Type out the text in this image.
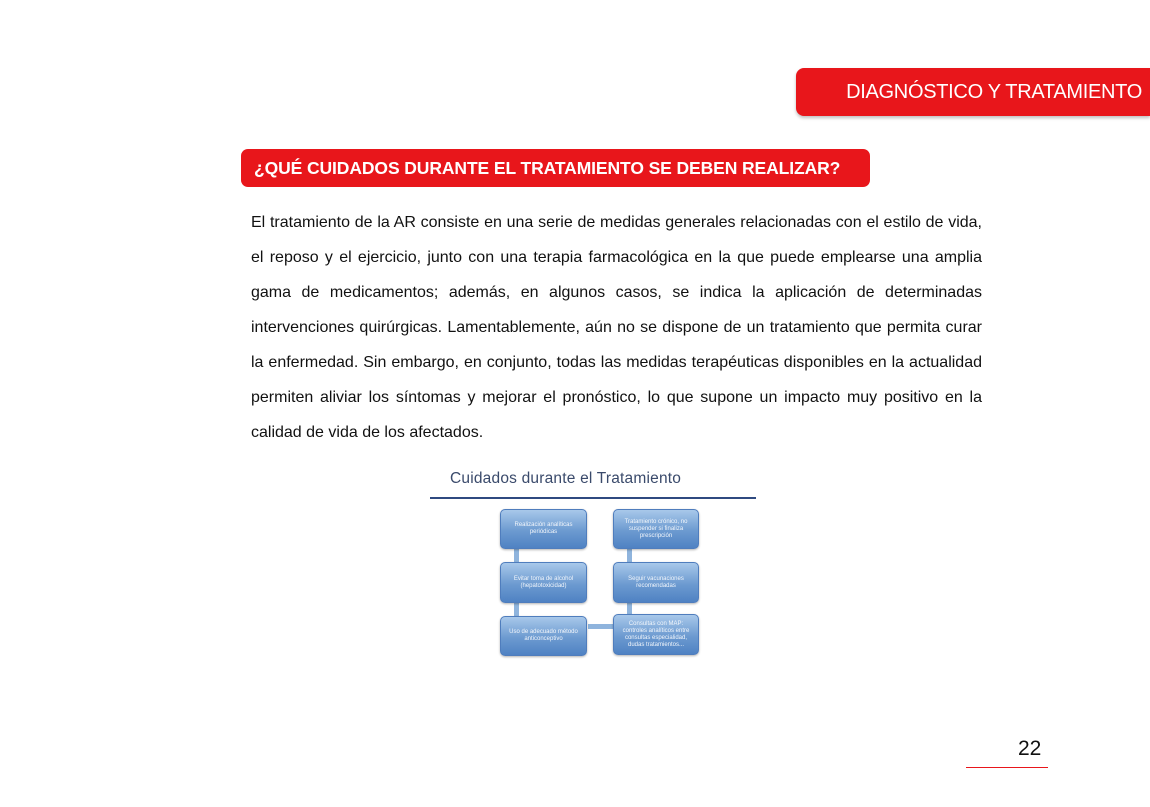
DIAGNÓSTICO Y TRATAMIENTO
¿QUÉ CUIDADOS DURANTE EL TRATAMIENTO SE DEBEN REALIZAR?

El tratamiento de la AR consiste en una serie de medidas generales relacionadas con el estilo de vida, el reposo y el ejercicio, junto con una terapia farmacológica en la que puede emplearse una amplia gama de medicamentos; además, en algunos casos, se indica la aplicación de determinadas intervenciones quirúrgicas. Lamentablemente, aún no se dispone de un tratamiento que permita curar la enfermedad. Sin embargo, en conjunto, todas las medidas terapéuticas disponibles en la actualidad permiten aliviar los síntomas y mejorar el pronóstico, lo que supone un impacto muy positivo en la calidad de vida de los afectados.

Cuidados durante el Tratamiento
Realización analíticas periódicas
Evitar toma de alcohol (hepatotoxicidad)
Uso de adecuado método anticonceptivo
Tratamiento crónico, no suspender si finaliza prescripción
Seguir vacunaciones recomendadas
Consultas con MAP: controles analíticos entre consultas especialidad, dudas tratamientos...
22
